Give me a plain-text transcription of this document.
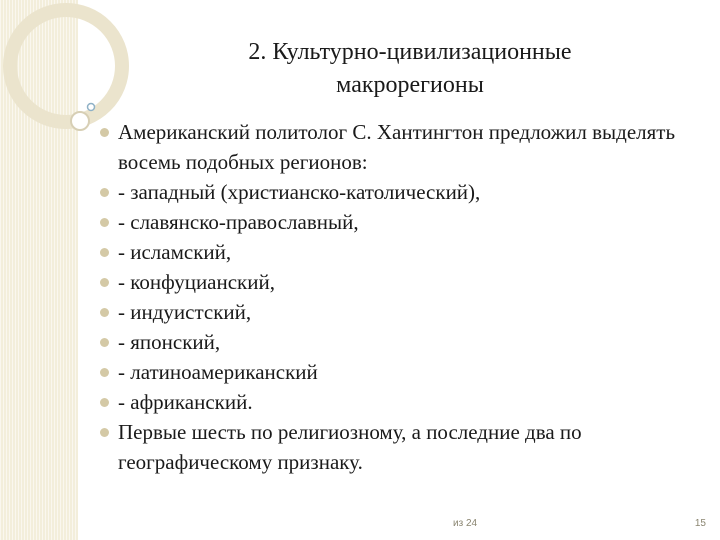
2. Культурно-цивилизационные
макрорегионы
Американский политолог С. Хантингтон предложил выделять восемь подобных регионов:
- западный (христианско-католический),
- славянско-православный,
- исламский,
- конфуцианский,
- индуистский,
- японский,
- латиноамериканский
- африканский.
Первые шесть по религиозному, а последние два по географическому признаку.
из 24	15
